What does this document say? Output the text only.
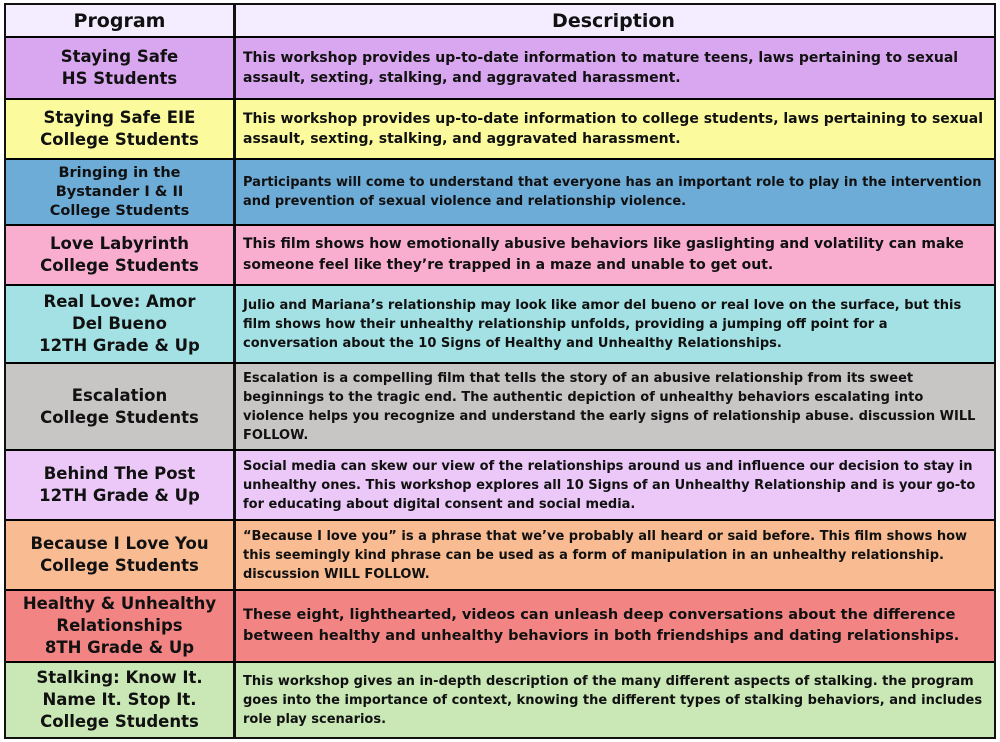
Program	Description
Staying Safe
HS Students
This workshop provides up-to-date information to mature teens, laws pertaining to sexual assault, sexting, stalking, and aggravated harassment.
Staying Safe EIE
College Students
This workshop provides up-to-date information to college students, laws pertaining to sexual assault, sexting, stalking, and aggravated harassment.
Bringing in the
Bystander I & II
College Students
Participants will come to understand that everyone has an important role to play in the intervention and prevention of sexual violence and relationship violence.
Love Labyrinth
College Students
This film shows how emotionally abusive behaviors like gaslighting and volatility can make someone feel like they’re trapped in a maze and unable to get out.
Real Love: Amor
Del Bueno
12TH Grade & Up
Julio and Mariana’s relationship may look like amor del bueno or real love on the surface, but this film shows how their unhealthy relationship unfolds, providing a jumping off point for a conversation about the 10 Signs of Healthy and Unhealthy Relationships.
Escalation
College Students
Escalation is a compelling film that tells the story of an abusive relationship from its sweet beginnings to the tragic end. The authentic depiction of unhealthy behaviors escalating into violence helps you recognize and understand the early signs of relationship abuse. discussion WILL FOLLOW.
Behind The Post
12TH Grade & Up
Social media can skew our view of the relationships around us and influence our decision to stay in unhealthy ones. This workshop explores all 10 Signs of an Unhealthy Relationship and is your go-to for educating about digital consent and social media.
Because I Love You
College Students
“Because I love you” is a phrase that we’ve probably all heard or said before. This film shows how this seemingly kind phrase can be used as a form of manipulation in an unhealthy relationship. discussion WILL FOLLOW.
Healthy & Unhealthy
Relationships
8TH Grade & Up
These eight, lighthearted, videos can unleash deep conversations about the difference between healthy and unhealthy behaviors in both friendships and dating relationships.
Stalking: Know It.
Name It. Stop It.
College Students
This workshop gives an in-depth description of the many different aspects of stalking. the program goes into the importance of context, knowing the different types of stalking behaviors, and includes role play scenarios.
